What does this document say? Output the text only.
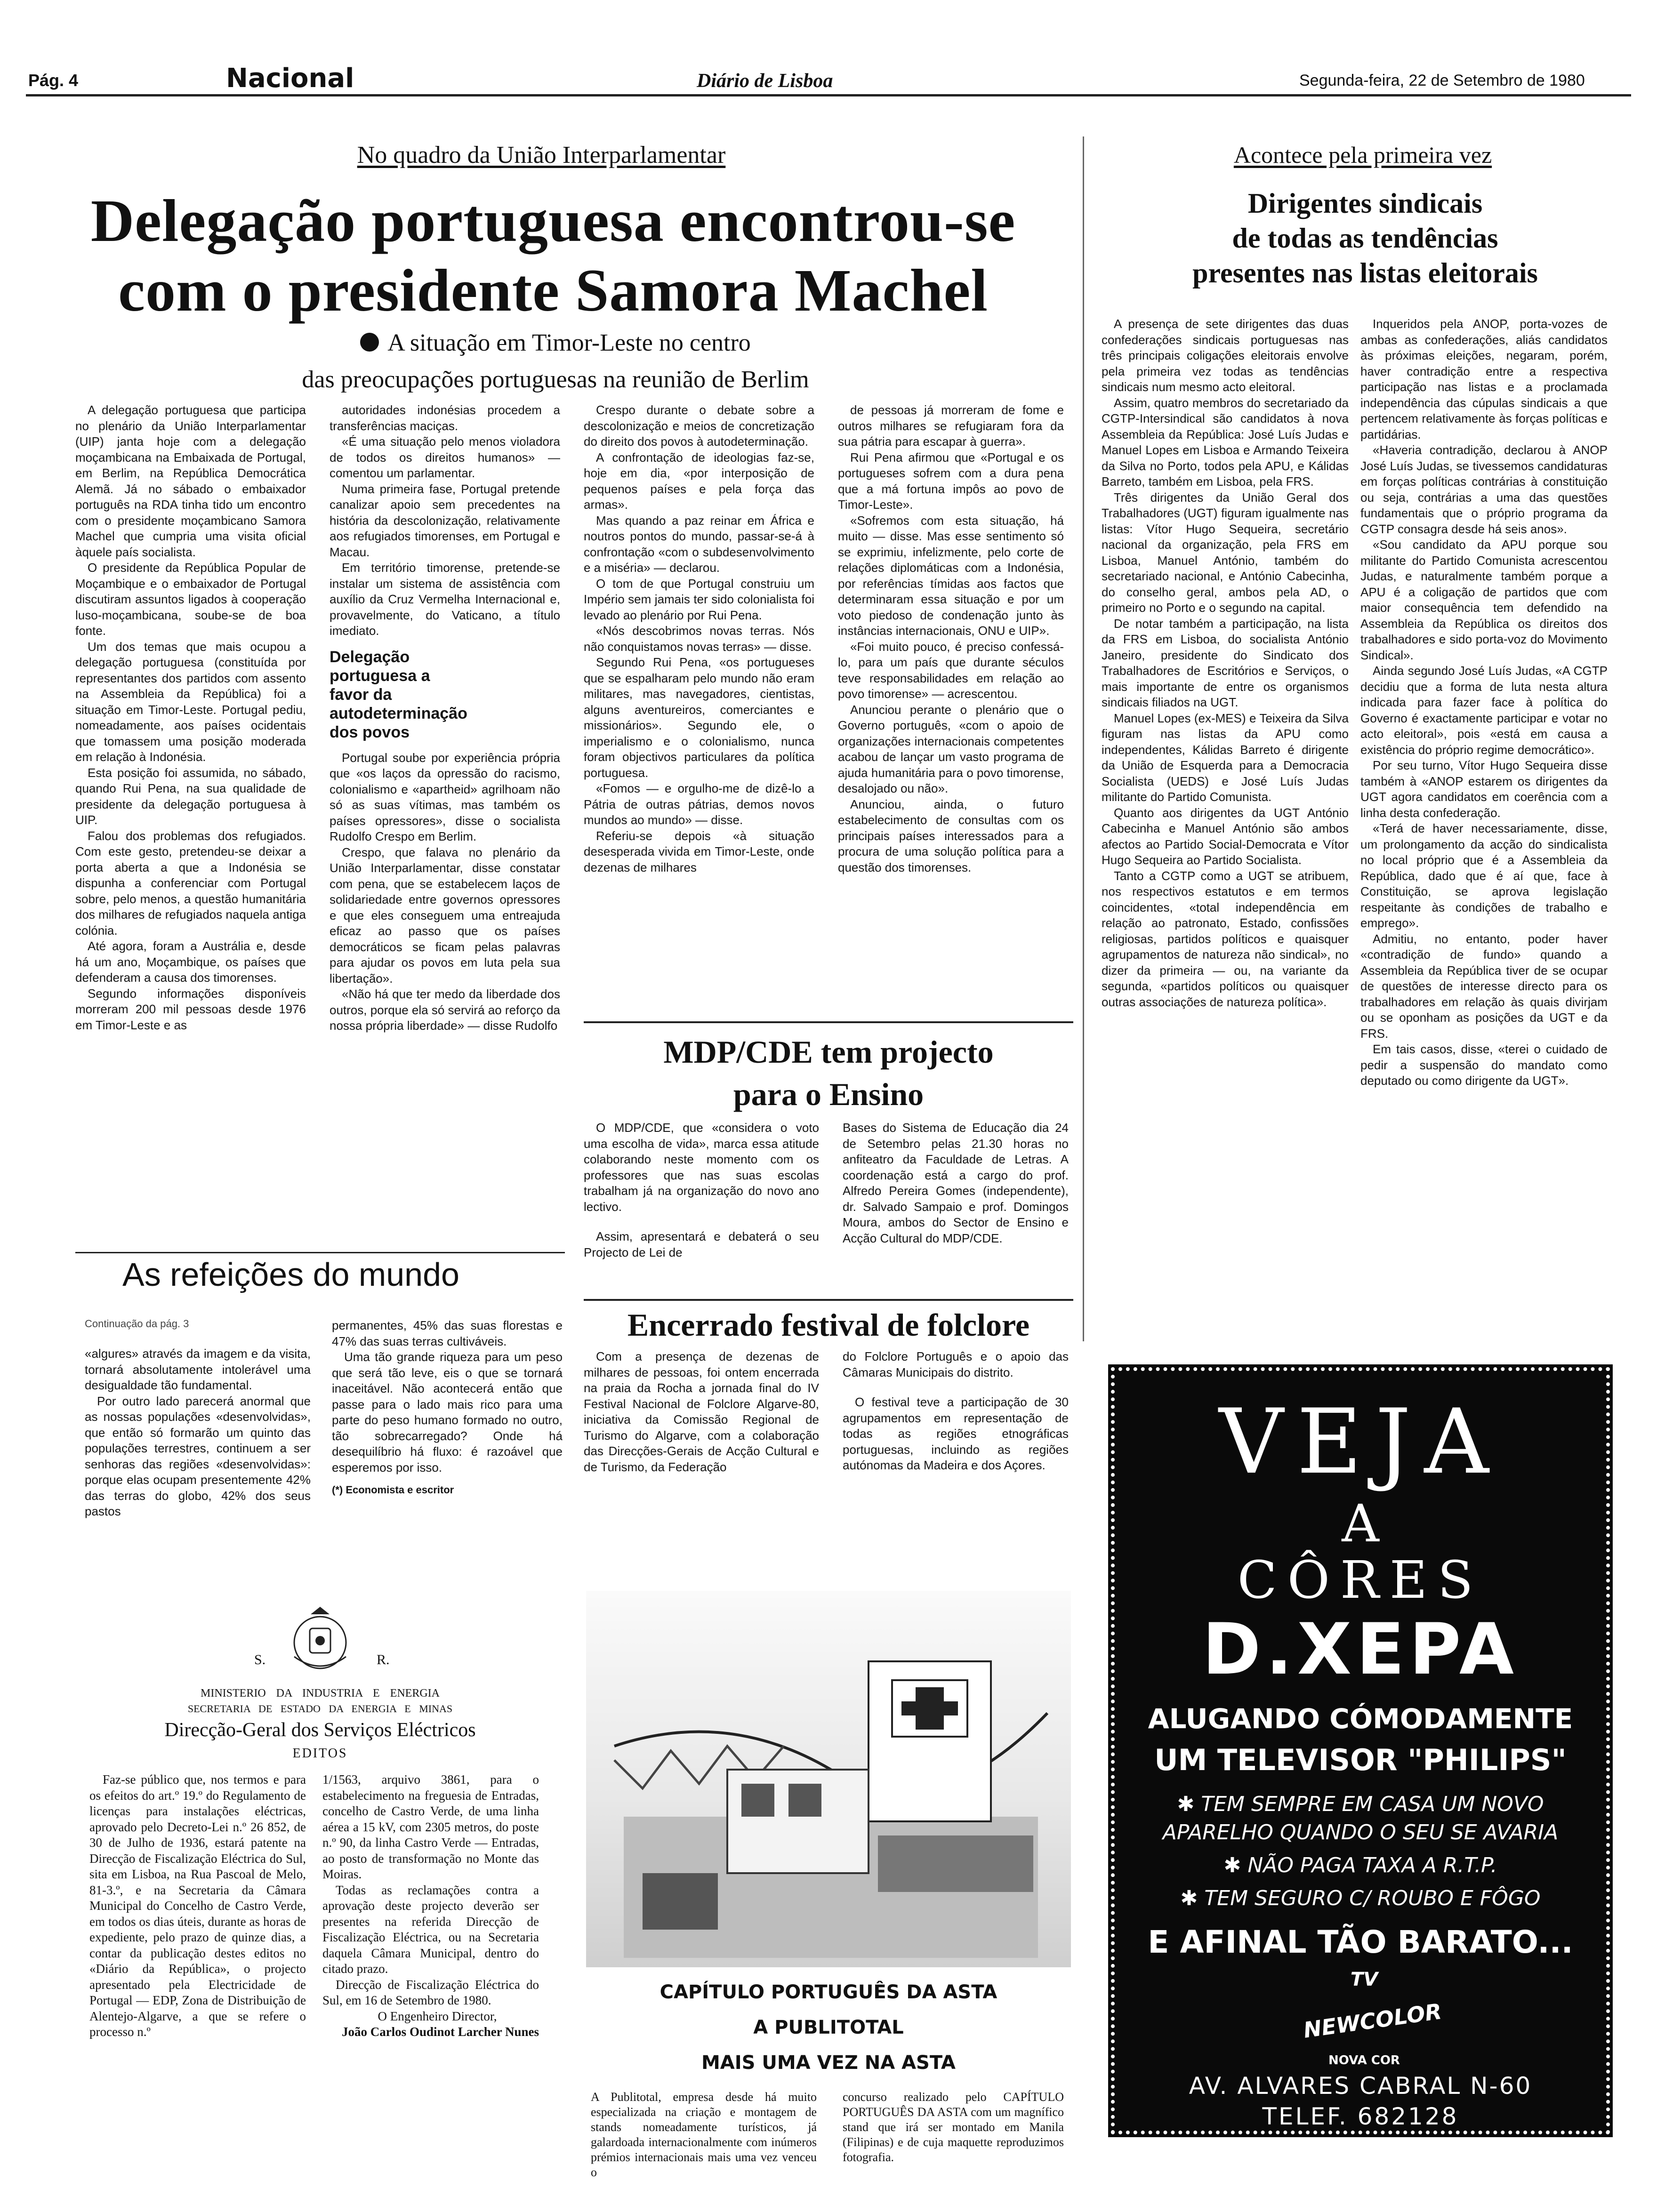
Pág. 4	Nacional	Diário de Lisboa	Segunda-feira, 22 de Setembro de 1980
No quadro da União Interparlamentar
Delegação portuguesa encontrou-se
com o presidente Samora Machel
A situação em Timor-Leste no centro
das preocupações portuguesas na reunião de Berlim

A delegação portuguesa que participa no plenário da União Interparlamentar (UIP) janta hoje com a delegação moçambicana na Embaixada de Portugal, em Berlim, na República Democrática Alemã. Já no sábado o embaixador português na RDA tinha tido um encontro com o presidente moçambicano Samora Machel que cumpria uma visita oficial àquele país socialista.

O presidente da República Popular de Moçambique e o embaixador de Portugal discutiram assuntos ligados à cooperação luso-moçambicana, soube-se de boa fonte.

Um dos temas que mais ocupou a delegação portuguesa (constituída por representantes dos partidos com assento na Assembleia da República) foi a situação em Timor-Leste. Portugal pediu, nomeadamente, aos países ocidentais que tomassem uma posição moderada em relação à Indonésia.

Esta posição foi assumida, no sábado, quando Rui Pena, na sua qualidade de presidente da delegação portuguesa à UIP.

Falou dos problemas dos refugiados. Com este gesto, pretendeu-se deixar a porta aberta a que a Indonésia se dispunha a conferenciar com Portugal sobre, pelo menos, a questão humanitária dos milhares de refugiados naquela antiga colónia.

Até agora, foram a Austrália e, desde há um ano, Moçambique, os países que defenderam a causa dos timorenses.

Segundo informações disponíveis morreram 200 mil pessoas desde 1976 em Timor-Leste e as

autoridades indonésias procedem a transferências maciças.

«É uma situação pelo menos violadora de todos os direitos humanos» — comentou um parlamentar.

Numa primeira fase, Portugal pretende canalizar apoio sem precedentes na história da descolonização, relativamente aos refugiados timorenses, em Portugal e Macau.

Em território timorense, pretende-se instalar um sistema de assistência com auxílio da Cruz Vermelha Internacional e, provavelmente, do Vaticano, a título imediato.

Delegação portuguesa a favor da autodeterminação dos povos

Portugal soube por experiência própria que «os laços da opressão do racismo, colonialismo e «apartheid» agrilhoam não só as suas vítimas, mas também os países opressores», disse o socialista Rudolfo Crespo em Berlim.

Crespo, que falava no plenário da União Interparlamentar, disse constatar com pena, que se estabelecem laços de solidariedade entre governos opressores e que eles conseguem uma entreajuda eficaz ao passo que os países democráticos se ficam pelas palavras para ajudar os povos em luta pela sua libertação».

«Não há que ter medo da liberdade dos outros, porque ela só servirá ao reforço da nossa própria liberdade» — disse Rudolfo

Crespo durante o debate sobre a descolonização e meios de concretização do direito dos povos à autodeterminação.

A confrontação de ideologias faz-se, hoje em dia, «por interposição de pequenos países e pela força das armas».

Mas quando a paz reinar em África e noutros pontos do mundo, passar-se-á à confrontação «com o subdesenvolvimento e a miséria» — declarou.

O tom de que Portugal construiu um Império sem jamais ter sido colonialista foi levado ao plenário por Rui Pena.

«Nós descobrimos novas terras. Nós não conquistamos novas terras» — disse.

Segundo Rui Pena, «os portugueses que se espalharam pelo mundo não eram militares, mas navegadores, cientistas, alguns aventureiros, comerciantes e missionários». Segundo ele, o imperialismo e o colonialismo, nunca foram objectivos particulares da política portuguesa.

«Fomos — e orgulho-me de dizê-lo a Pátria de outras pátrias, demos novos mundos ao mundo» — disse.

Referiu-se depois «à situação desesperada vivida em Timor-Leste, onde dezenas de milhares

de pessoas já morreram de fome e outros milhares se refugiaram fora da sua pátria para escapar à guerra».

Rui Pena afirmou que «Portugal e os portugueses sofrem com a dura pena que a má fortuna impôs ao povo de Timor-Leste».

«Sofremos com esta situação, há muito — disse. Mas esse sentimento só se exprimiu, infelizmente, pelo corte de relações diplomáticas com a Indonésia, por referências tímidas aos factos que determinaram essa situação e por um voto piedoso de condenação junto às instâncias internacionais, ONU e UIP».

«Foi muito pouco, é preciso confessá-lo, para um país que durante séculos teve responsabilidades em relação ao povo timorense» — acrescentou.

Anunciou perante o plenário que o Governo português, «com o apoio de organizações internacionais competentes acabou de lançar um vasto programa de ajuda humanitária para o povo timorense, desalojado ou não».

Anunciou, ainda, o futuro estabelecimento de consultas com os principais países interessados para a procura de uma solução política para a questão dos timorenses.

MDP/CDE tem projecto
para o Ensino

O MDP/CDE, que «considera o voto uma escolha de vida», marca essa atitude colaborando neste momento com os professores que nas suas escolas trabalham já na organização do novo ano lectivo.

Assim, apresentará e debaterá o seu Projecto de Lei de

Bases do Sistema de Educação dia 24 de Setembro pelas 21.30 horas no anfiteatro da Faculdade de Letras. A coordenação está a cargo do prof. Alfredo Pereira Gomes (independente), dr. Salvado Sampaio e prof. Domingos Moura, ambos do Sector de Ensino e Acção Cultural do MDP/CDE.

Acontece pela primeira vez
Dirigentes sindicais
de todas as tendências
presentes nas listas eleitorais

A presença de sete dirigentes das duas confederações sindicais portuguesas nas três principais coligações eleitorais envolve pela primeira vez todas as tendências sindicais num mesmo acto eleitoral.

Assim, quatro membros do secretariado da CGTP-Intersindical são candidatos à nova Assembleia da República: José Luís Judas e Manuel Lopes em Lisboa e Armando Teixeira da Silva no Porto, todos pela APU, e Kálidas Barreto, também em Lisboa, pela FRS.

Três dirigentes da União Geral dos Trabalhadores (UGT) figuram igualmente nas listas: Vítor Hugo Sequeira, secretário nacional da organização, pela FRS em Lisboa, Manuel António, também do secretariado nacional, e António Cabecinha, do conselho geral, ambos pela AD, o primeiro no Porto e o segundo na capital.

De notar também a participação, na lista da FRS em Lisboa, do socialista António Janeiro, presidente do Sindicato dos Trabalhadores de Escritórios e Serviços, o mais importante de entre os organismos sindicais filiados na UGT.

Manuel Lopes (ex-MES) e Teixeira da Silva figuram nas listas da APU como independentes, Kálidas Barreto é dirigente da União de Esquerda para a Democracia Socialista (UEDS) e José Luís Judas militante do Partido Comunista.

Quanto aos dirigentes da UGT António Cabecinha e Manuel António são ambos afectos ao Partido Social-Democrata e Vítor Hugo Sequeira ao Partido Socialista.

Tanto a CGTP como a UGT se atribuem, nos respectivos estatutos e em termos coincidentes, «total independência em relação ao patronato, Estado, confissões religiosas, partidos políticos e quaisquer agrupamentos de natureza não sindical», no dizer da primeira — ou, na variante da segunda, «partidos políticos ou quaisquer outras associações de natureza política».

Inqueridos pela ANOP, porta-vozes de ambas as confederações, aliás candidatos às próximas eleições, negaram, porém, haver contradição entre a respectiva participação nas listas e a proclamada independência das cúpulas sindicais a que pertencem relativamente às forças políticas e partidárias.

«Haveria contradição, declarou à ANOP José Luís Judas, se tivessemos candidaturas em forças políticas contrárias à constituição ou seja, contrárias a uma das questões fundamentais que o próprio programa da CGTP consagra desde há seis anos».

«Sou candidato da APU porque sou militante do Partido Comunista acrescentou Judas, e naturalmente também porque a APU é a coligação de partidos que com maior consequência tem defendido na Assembleia da República os direitos dos trabalhadores e sido porta-voz do Movimento Sindical».

Ainda segundo José Luís Judas, «A CGTP decidiu que a forma de luta nesta altura indicada para fazer face à política do Governo é exactamente participar e votar no acto eleitoral», pois «está em causa a existência do próprio regime democrático».

Por seu turno, Vítor Hugo Sequeira disse também à «ANOP estarem os dirigentes da UGT agora candidatos em coerência com a linha desta confederação.

«Terá de haver necessariamente, disse, um prolongamento da acção do sindicalista no local próprio que é a Assembleia da República, dado que é aí que, face à Constituição, se aprova legislação respeitante às condições de trabalho e emprego».

Admitiu, no entanto, poder haver «contradição de fundo» quando a Assembleia da República tiver de se ocupar de questões de interesse directo para os trabalhadores em relação às quais divirjam ou se oponham as posições da UGT e da FRS.

Em tais casos, disse, «terei o cuidado de pedir a suspensão do mandato como deputado ou como dirigente da UGT».

As refeições do mundo
Continuação da pág. 3

«algures» através da imagem e da visita, tornará absolutamente intolerável uma desigualdade tão fundamental.

Por outro lado parecerá anormal que as nossas populações «desenvolvidas», que então só formarão um quinto das populações terrestres, continuem a ser senhoras das regiões «desenvolvidas»: porque elas ocupam presentemente 42% das terras do globo, 42% dos seus pastos

permanentes, 45% das suas florestas e 47% das suas terras cultiváveis.

Uma tão grande riqueza para um peso que será tão leve, eis o que se tornará inaceitável. Não acontecerá então que passe para o lado mais rico para uma parte do peso humano formado no outro, tão sobrecarregado? Onde há desequilíbrio há fluxo: é razoável que esperemos por isso.

(*) Economista e escritor

Encerrado festival de folclore

Com a presença de dezenas de milhares de pessoas, foi ontem encerrada na praia da Rocha a jornada final do IV Festival Nacional de Folclore Algarve-80, iniciativa da Comissão Regional de Turismo do Algarve, com a colaboração das Direcções-Gerais de Acção Cultural e de Turismo, da Federação

do Folclore Português e o apoio das Câmaras Municipais do distrito.

O festival teve a participação de 30 agrupamentos em representação de todas as regiões etnográficas portuguesas, incluindo as regiões autónomas da Madeira e dos Açores.

S.	R.
MINISTERIO DA INDUSTRIA E ENERGIA
SECRETARIA DE ESTADO DA ENERGIA E MINAS
Direcção-Geral dos Serviços Eléctricos
EDITOS

Faz-se público que, nos termos e para os efeitos do art.º 19.º do Regulamento de licenças para instalações eléctricas, aprovado pelo Decreto-Lei n.º 26 852, de 30 de Julho de 1936, estará patente na Direcção de Fiscalização Eléctrica do Sul, sita em Lisboa, na Rua Pascoal de Melo, 81-3.º, e na Secretaria da Câmara Municipal do Concelho de Castro Verde, em todos os dias úteis, durante as horas de expediente, pelo prazo de quinze dias, a contar da publicação destes editos no «Diário da República», o projecto apresentado pela Electricidade de Portugal — EDP, Zona de Distribuição de Alentejo-Algarve, a que se refere o processo n.º

1/1563, arquivo 3861, para o estabelecimento na freguesia de Entradas, concelho de Castro Verde, de uma linha aérea a 15 kV, com 2305 metros, do poste n.º 90, da linha Castro Verde — Entradas, ao posto de transformação no Monte das Moiras.

Todas as reclamações contra a aprovação deste projecto deverão ser presentes na referida Direcção de Fiscalização Eléctrica, ou na Secretaria daquela Câmara Municipal, dentro do citado prazo.

Direcção de Fiscalização Eléctrica do Sul, em 16 de Setembro de 1980.

O Engenheiro Director,

João Carlos Oudinot Larcher Nunes

CAPÍTULO PORTUGUÊS DA ASTA
A PUBLITOTAL
MAIS UMA VEZ NA ASTA
A Publitotal, empresa desde há muito especializada na criação e montagem de stands nomeadamente turísticos, já galardoada internacionalmente com inúmeros prémios internacionais mais uma vez venceu o
concurso realizado pelo CAPÍTULO PORTUGUÊS DA ASTA com um magnífico stand que irá ser montado em Manila (Filipinas) e de cuja maquette reproduzimos fotografia.
VEJA
A
CÔRES
D.XEPA
ALUGANDO CÓMODAMENTE
UM TELEVISOR "PHILIPS"
✱ TEM SEMPRE EM CASA UM NOVO
APARELHO QUANDO O SEU SE AVARIA
✱ NÃO PAGA TAXA A R.T.P.
✱ TEM SEGURO C/ ROUBO E FÔGO
E AFINAL TÃO BARATO...
TV
NEWCOLOR
NOVA COR
AV. ALVARES CABRAL N-60
TELEF. 682128
